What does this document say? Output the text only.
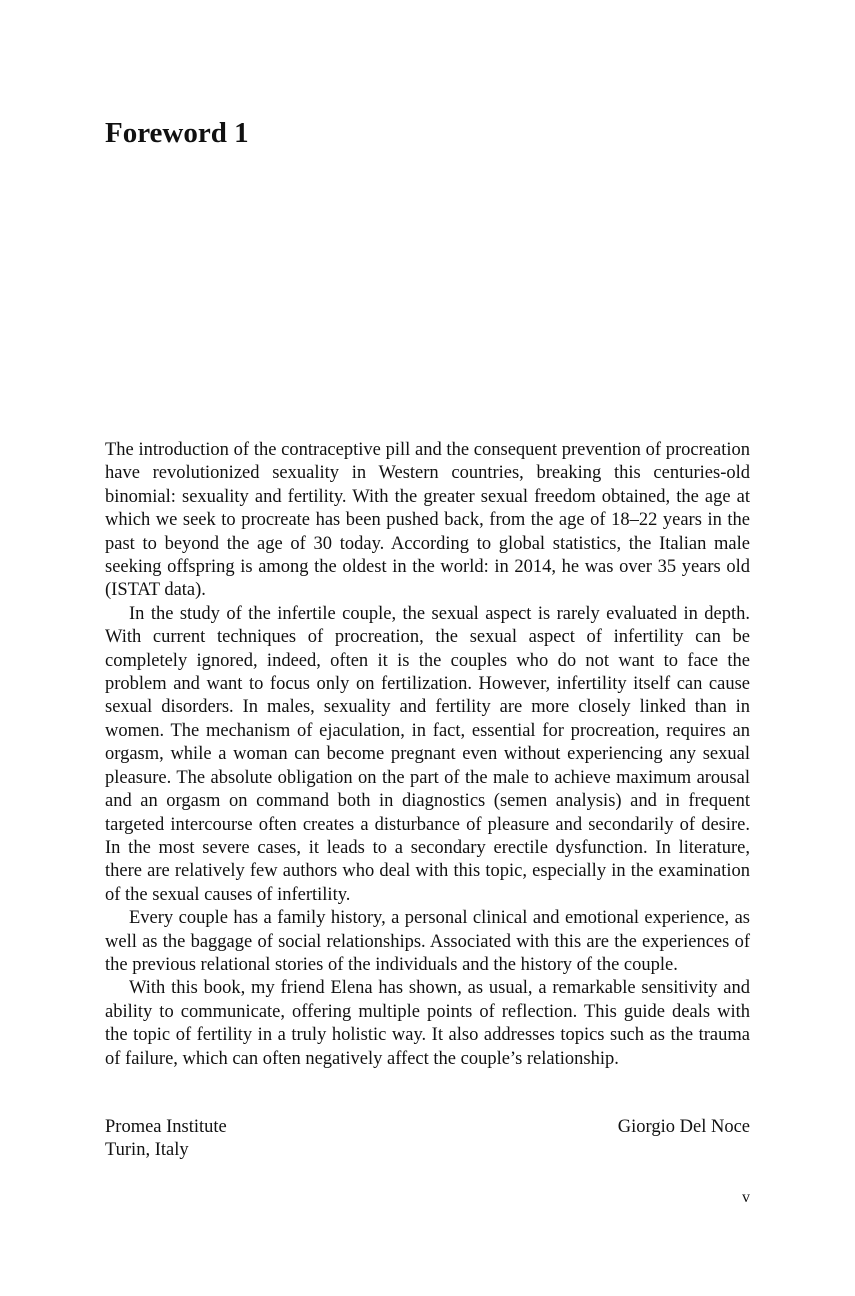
Foreword 1

The introduction of the contraceptive pill and the consequent prevention of procreation have revolutionized sexuality in Western countries, breaking this centuries-old binomial: sexuality and fertility. With the greater sexual freedom obtained, the age at which we seek to procreate has been pushed back, from the age of 18–22 years in the past to beyond the age of 30 today. According to global statistics, the Italian male seeking offspring is among the oldest in the world: in 2014, he was over 35 years old (ISTAT data).

In the study of the infertile couple, the sexual aspect is rarely evaluated in depth. With current techniques of procreation, the sexual aspect of infertility can be completely ignored, indeed, often it is the couples who do not want to face the problem and want to focus only on fertilization. However, infertility itself can cause sexual disorders. In males, sexuality and fertility are more closely linked than in women. The mechanism of ejaculation, in fact, essential for procreation, requires an orgasm, while a woman can become pregnant even without experiencing any sexual pleasure. The absolute obligation on the part of the male to achieve maximum arousal and an orgasm on command both in diagnostics (semen analysis) and in frequent targeted intercourse often creates a disturbance of pleasure and secondarily of desire. In the most severe cases, it leads to a secondary erectile dysfunction. In literature, there are relatively few authors who deal with this topic, especially in the examination of the sexual causes of infertility.

Every couple has a family history, a personal clinical and emotional experience, as well as the baggage of social relationships. Associated with this are the experiences of the previous relational stories of the individuals and the history of the couple.

With this book, my friend Elena has shown, as usual, a remarkable sensitivity and ability to communicate, offering multiple points of reflection. This guide deals with the topic of fertility in a truly holistic way. It also addresses topics such as the trauma of failure, which can often negatively affect the couple’s relationship.

Promea Institute
Turin, Italy
Giorgio Del Noce
v
